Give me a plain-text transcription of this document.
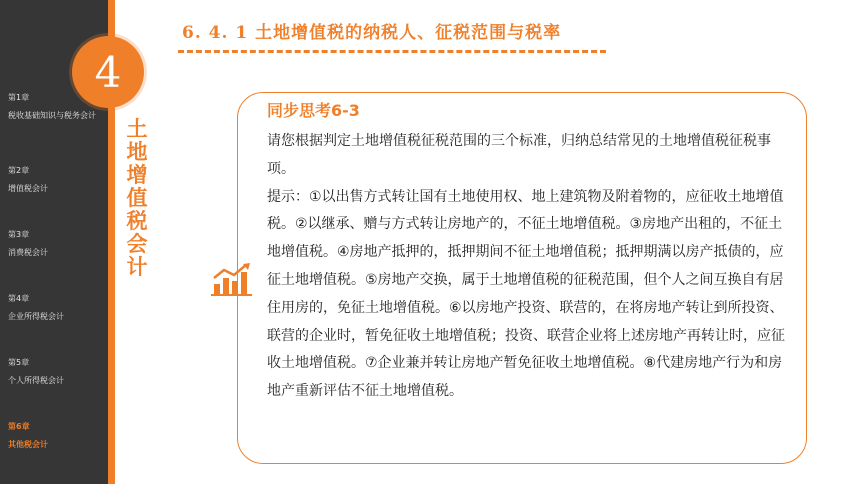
第1章
税收基础知识与税务会计
第2章
增值税会计
第3章
消费税会计
第4章
企业所得税会计
第5章
个人所得税会计
第6章
其他税会计
4
土地增值税会计
6. 4. 1 土地增值税的纳税人、征税范围与税率
同步思考6-3

请您根据判定土地增值税征税范围的三个标准，归纳总结常见的土地增值税征税事项。

提示：①以出售方式转让国有土地使用权、地上建筑物及附着物的，应征收土地增值税。②以继承、赠与方式转让房地产的，不征土地增值税。③房地产出租的，不征土地增值税。④房地产抵押的，抵押期间不征土地增值税；抵押期满以房产抵债的，应征土地增值税。⑤房地产交换，属于土地增值税的征税范围，但个人之间互换自有居住用房的，免征土地增值税。⑥以房地产投资、联营的，在将房地产转让到所投资、联营的企业时，暂免征收土地增值税；投资、联营企业将上述房地产再转让时，应征收土地增值税。⑦企业兼并转让房地产暂免征收土地增值税。⑧代建房地产行为和房地产重新评估不征土地增值税。
